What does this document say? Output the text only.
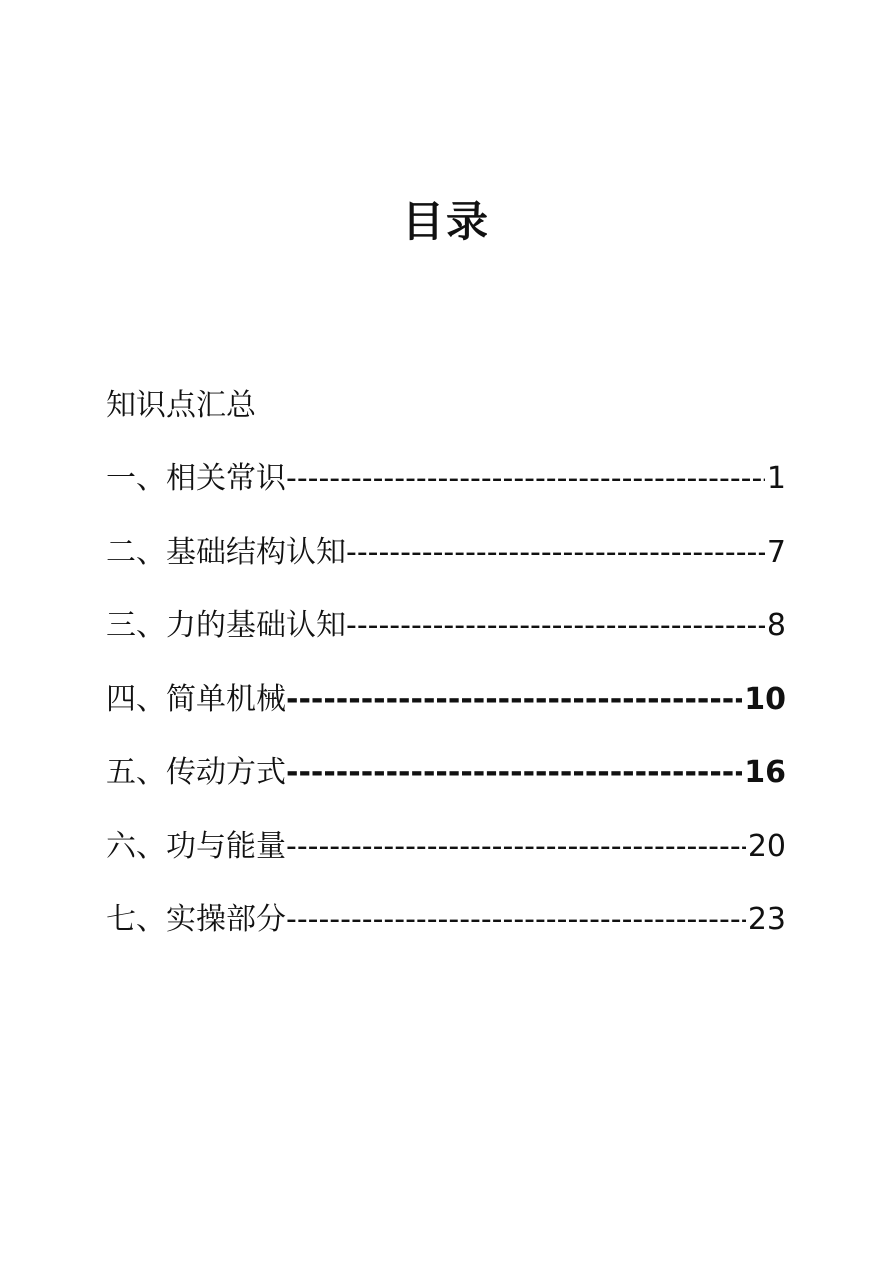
目录
知识点汇总
一、相关常识 -----	1
二、基础结构认知 -----	7
三、力的基础认知 -----	8
四、简单机械 -----	10
五、传动方式 -----	16
六、功与能量 -----	20
七、实操部分 -----	23
